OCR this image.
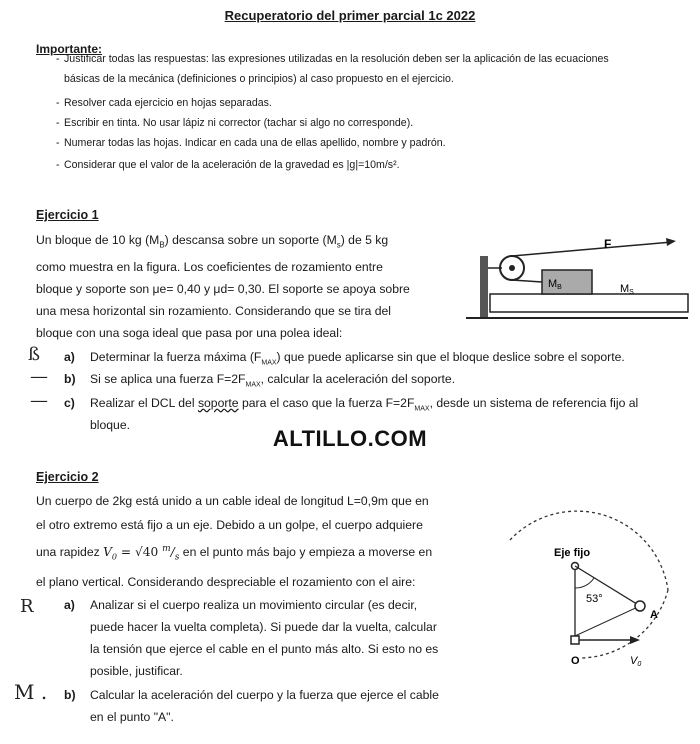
Recuperatorio del primer parcial 1c 2022
Importante:
- Justificar todas las respuestas: las expresiones utilizadas en la resolución deben ser la aplicación de las ecuaciones
básicas de la mecánica (definiciones o principios) al caso propuesto en el ejercicio.
- Resolver cada ejercicio en hojas separadas.
- Escribir en tinta. No usar lápiz ni corrector (tachar si algo no corresponde).
- Numerar todas las hojas. Indicar en cada una de ellas apellido, nombre y padrón.
- Considerar que el valor de la aceleración de la gravedad es |g|=10m/s².
Ejercicio 1
Un bloque de 10 kg $(M_B)$ descansa sobre un soporte $(M_s)$ de 5 kg
como muestra en la figura. Los coeficientes de rozamiento entre
bloque y soporte son μe= 0,40 y μd= 0,30. El soporte se apoya sobre
una mesa horizontal sin rozamiento. Considerando que se tira del
bloque con una soga ideal que pasa por una polea ideal:
F
MB	MS
ß a) Determinar la fuerza máxima $(F_{MAX})$ que puede aplicarse sin que el bloque deslice sobre el soporte.
— b) Si se aplica una fuerza $F=2F_{MAX}$, calcular la aceleración del soporte.
— c) Realizar el DCL del soporte para el caso que la fuerza $F=2F_{MAX}$, desde un sistema de referencia fijo al
bloque.
ALTILLO.COM
Ejercicio 2
Un cuerpo de 2kg está unido a un cable ideal de longitud L=0,9m que en
el otro extremo está fijo a un eje. Debido a un golpe, el cuerpo adquiere
una rapidez $V_0 = √40$ $^m/_s$ en el punto más bajo y empieza a moverse en
el plano vertical. Considerando despreciable el rozamiento con el aire:
R a) Analizar si el cuerpo realiza un movimiento circular (es decir,
puede hacer la vuelta completa). Si puede dar la vuelta, calcular
la tensión que ejerce el cable en el punto más alto. Si esto no es
posible, justificar.
M . b) Calcular la aceleración del cuerpo y la fuerza que ejerce el cable
en el punto "A".
Eje fijo
53°
A
O	V0
